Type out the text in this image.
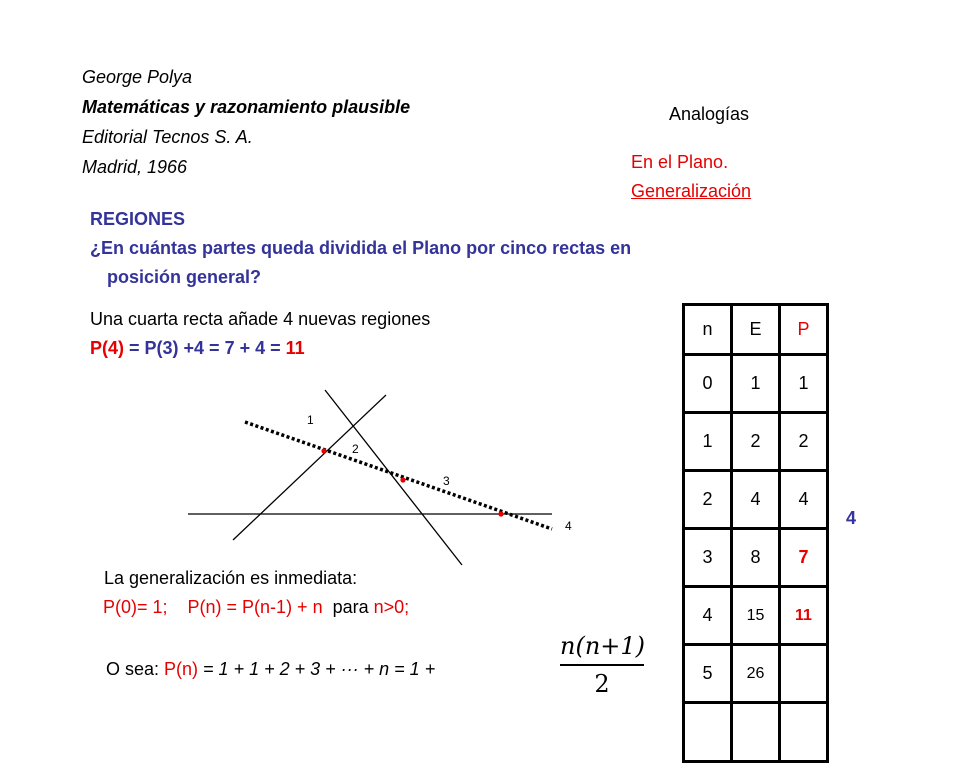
George Polya
Matemáticas y razonamiento plausible
Editorial Tecnos S. A.
Madrid, 1966
Analogías
En el Plano.
Generalización
REGIONES
¿En cuántas partes queda dividida el Plano por cinco rectas en
posición general?
Una cuarta recta añade 4 nuevas regiones
P(4) = P(3) +4 = 7 + 4 = 11
1
2
3
4
n	E	P
0	1	1
1	2	2
2	4	4
3	8	7
4	15	11
5	26	

4
La generalización es inmediata:
P(0)= 1; P(n) = P(n-1) + n para n>0;
O sea: P(n) = 1 + 1 + 2 + 3 + ··· + n = 1 +
n(n+1)
2
